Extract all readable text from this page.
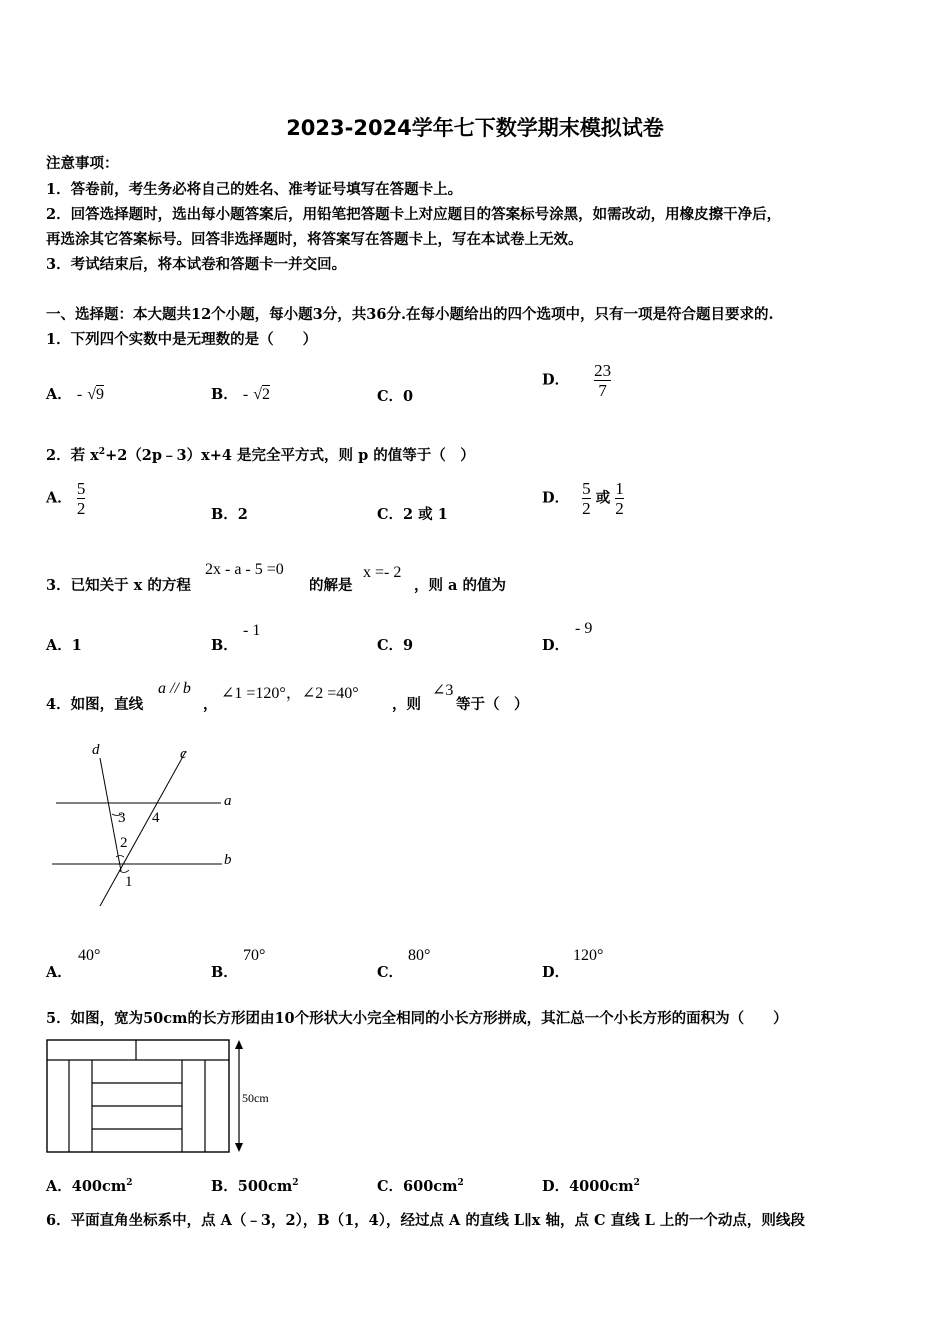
2023-2024学年七下数学期末模拟试卷
注意事项：
1．答卷前，考生务必将自己的姓名、准考证号填写在答题卡上。
2．回答选择题时，选出每小题答案后，用铅笔把答题卡上对应题目的答案标号涂黑，如需改动，用橡皮擦干净后，
再选涂其它答案标号。回答非选择题时，将答案写在答题卡上，写在本试卷上无效。
3．考试结束后，将本试卷和答题卡一并交回。
一、选择题：本大题共12个小题，每小题3分，共36分.在每小题给出的四个选项中，只有一项是符合题目要求的.
1．下列四个实数中是无理数的是（　　）
A． - √9	B． - √2	C．0
D． $\frac{23}{7}$
2．若 $x^2+2(2p﹣3)x+4$ 是完全平方式，则 p 的值等于（　）
A． $\frac{5}{2}$	B．2	C．2 或 1
D． $\frac{5}{2}$ 或 $\frac{1}{2}$
3．已知关于 x 的方程
2x - a - 5 =0
的解是
x =- 2
，则 a 的值为
A．1	B．
- 1
C．9	D．
- 9
4．如图，直线
a // b
，
∠1 =120°，∠2 =40°
，则
∠3
等于（　）
d	c
a
b
3 4
2
1
A．
40°
B．
70°
C．
80°
D．
120°
5．如图，宽为50cm的长方形团由10个形状大小完全相同的小长方形拼成，其汇总一个小长方形的面积为（　　）
50cm
A．$400cm^2$	B．$500cm^2$	C．$600cm^2$	D．$4000cm^2$
6．平面直角坐标系中，点 A（﹣3，2），B（1，4），经过点 A 的直线 L∥x 轴，点 C 直线 L 上的一个动点，则线段
